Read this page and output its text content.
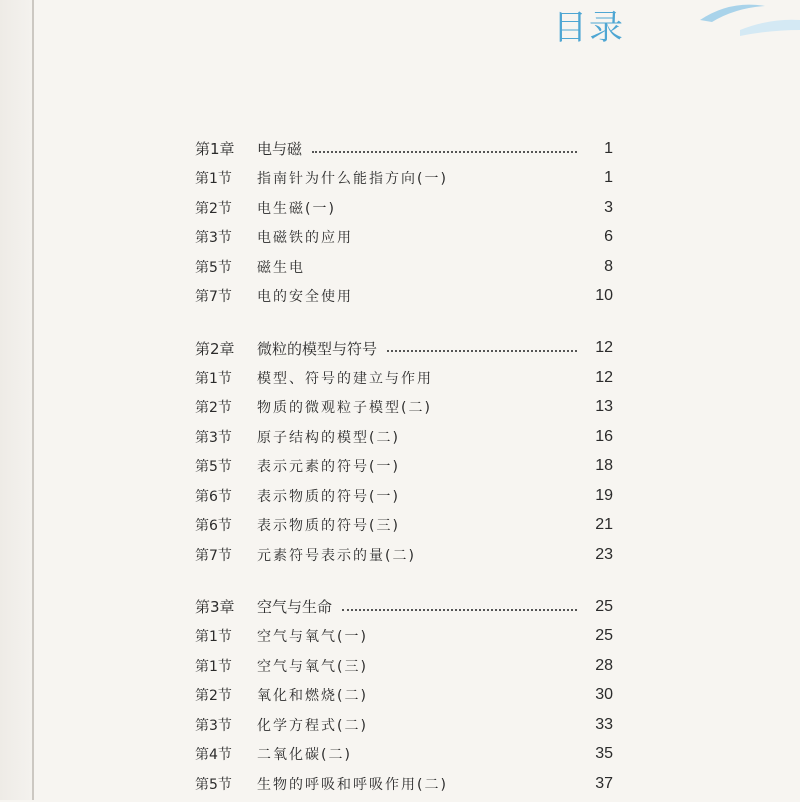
目录
第1章	电与磁	1
第1节	指南针为什么能指方向(一)	1
第2节	电生磁(一)	3
第3节	电磁铁的应用	6
第5节	磁生电	8
第7节	电的安全使用	10
第2章	微粒的模型与符号	12
第1节	模型、符号的建立与作用	12
第2节	物质的微观粒子模型(二)	13
第3节	原子结构的模型(二)	16
第5节	表示元素的符号(一)	18
第6节	表示物质的符号(一)	19
第6节	表示物质的符号(三)	21
第7节	元素符号表示的量(二)	23
第3章	空气与生命	25
第1节	空气与氧气(一)	25
第1节	空气与氧气(三)	28
第2节	氧化和燃烧(二)	30
第3节	化学方程式(二)	33
第4节	二氧化碳(二)	35
第5节	生物的呼吸和呼吸作用(二)	37
